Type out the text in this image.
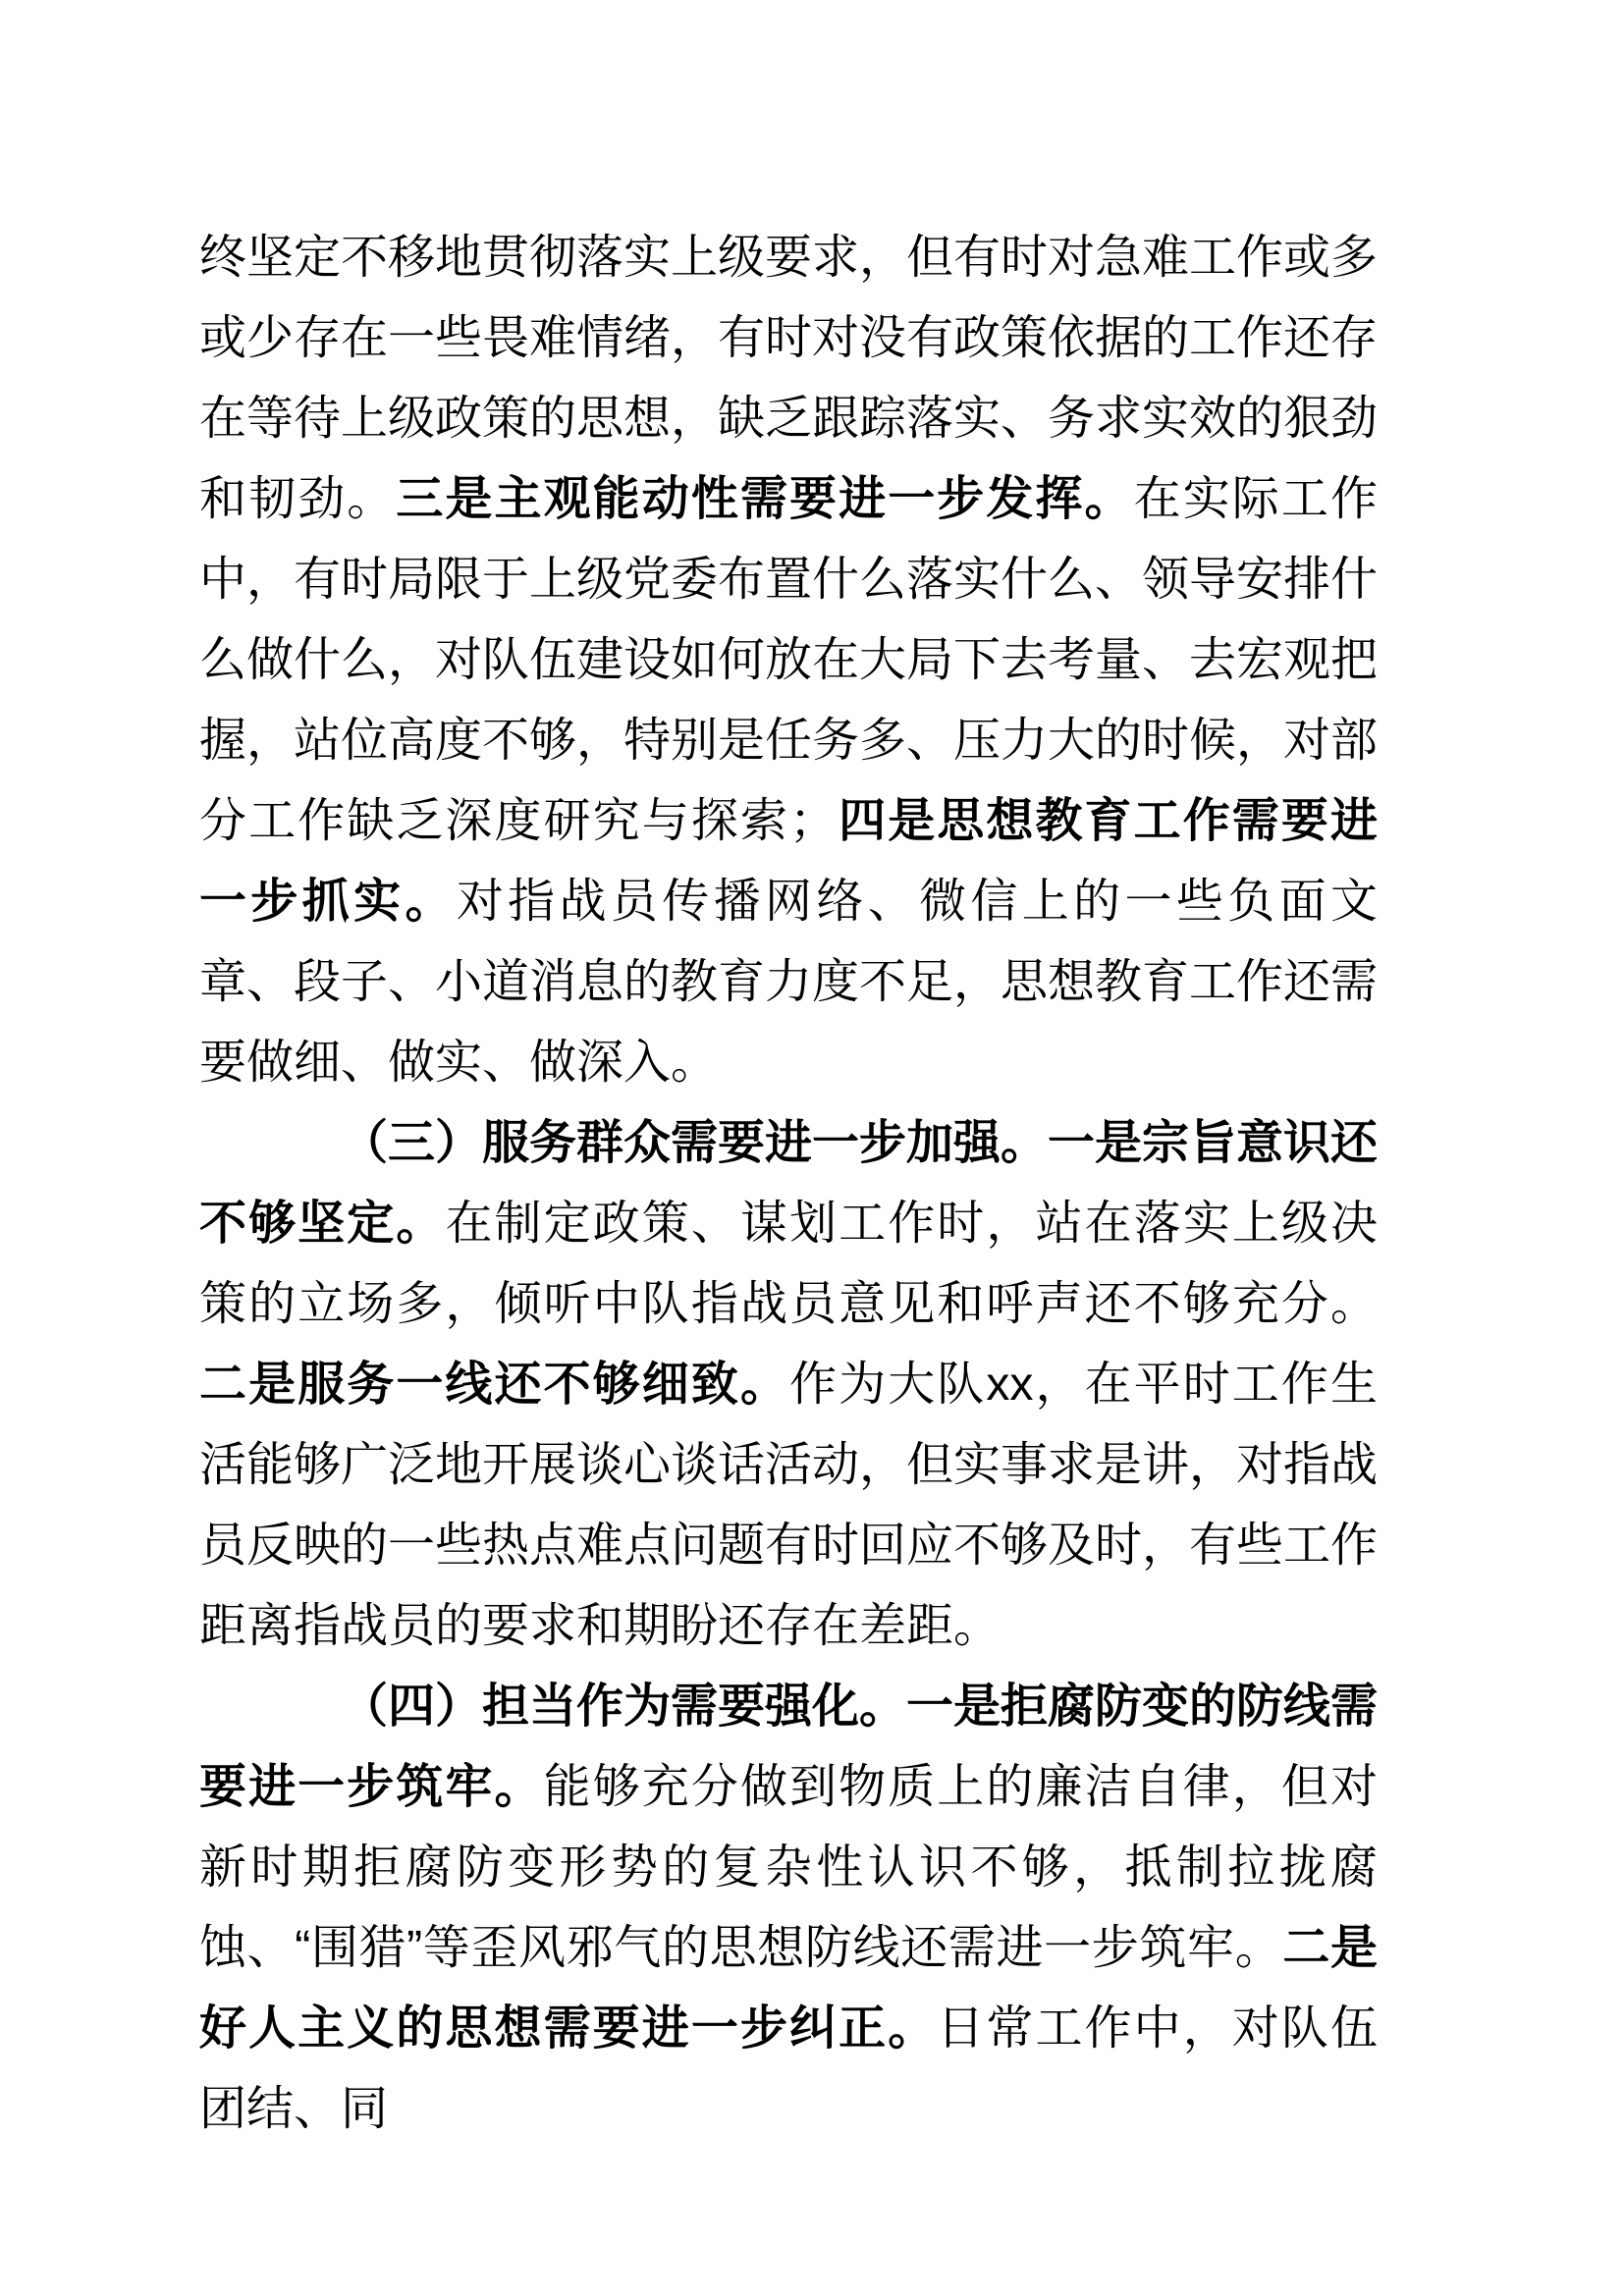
终坚定不移地贯彻落实上级要求，但有时对急难工作或多或少存在一些畏难情绪，有时对没有政策依据的工作还存在等待上级政策的思想，缺乏跟踪落实、务求实效的狠劲和韧劲。三是主观能动性需要进一步发挥。在实际工作中，有时局限于上级党委布置什么落实什么、领导安排什么做什么，对队伍建设如何放在大局下去考量、去宏观把握，站位高度不够，特别是任务多、压力大的时候，对部分工作缺乏深度研究与探索；四是思想教育工作需要进一步抓实。对指战员传播网络、微信上的一些负面文章、段子、小道消息的教育力度不足，思想教育工作还需要做细、做实、做深入。

（三）服务群众需要进一步加强。一是宗旨意识还不够坚定。在制定政策、谋划工作时，站在落实上级决策的立场多，倾听中队指战员意见和呼声还不够充分。二是服务一线还不够细致。作为大队xx，在平时工作生活能够广泛地开展谈心谈话活动，但实事求是讲，对指战员反映的一些热点难点问题有时回应不够及时，有些工作距离指战员的要求和期盼还存在差距。

（四）担当作为需要强化。一是拒腐防变的防线需要进一步筑牢。能够充分做到物质上的廉洁自律，但对新时期拒腐防变形势的复杂性认识不够，抵制拉拢腐蚀、“围猎”等歪风邪气的思想防线还需进一步筑牢。二是好人主义的思想需要进一步纠正。日常工作中，对队伍团结、同
